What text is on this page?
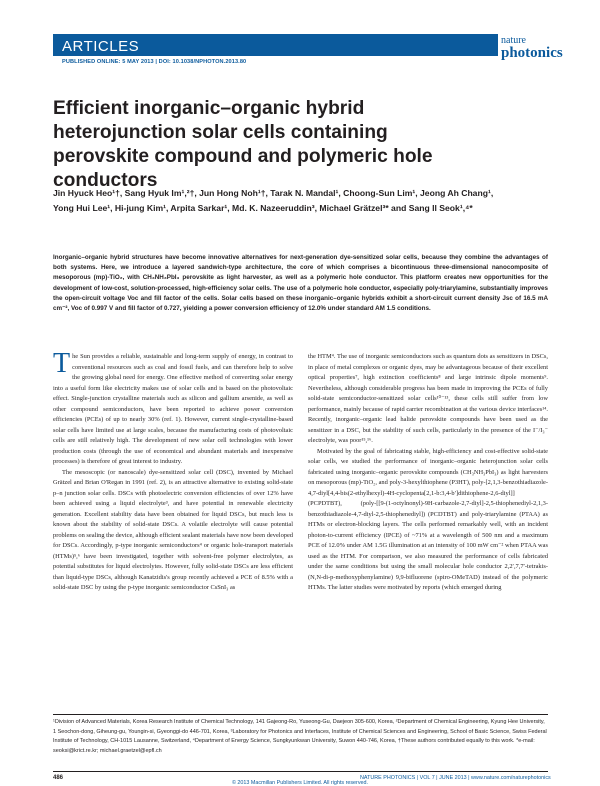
ARTICLES
PUBLISHED ONLINE: 5 MAY 2013 | DOI: 10.1038/NPHOTON.2013.80
nature
photonics
Efficient inorganic–organic hybrid heterojunction solar cells containing perovskite compound and polymeric hole conductors
Jin Hyuck Heo¹†, Sang Hyuk Im¹,²†, Jun Hong Noh¹†, Tarak N. Mandal¹, Choong-Sun Lim¹, Jeong Ah Chang¹, Yong Hui Lee¹, Hi-jung Kim¹, Arpita Sarkar¹, Md. K. Nazeeruddin³, Michael Grätzel³* and Sang Il Seok¹,⁴*
Inorganic–organic hybrid structures have become innovative alternatives for next-generation dye-sensitized solar cells, because they combine the advantages of both systems. Here, we introduce a layered sandwich-type architecture, the core of which comprises a bicontinuous three-dimensional nanocomposite of mesoporous (mp)-TiO₂, with CH₃NH₃PbI₃ perovskite as light harvester, as well as a polymeric hole conductor. This platform creates new opportunities for the development of low-cost, solution-processed, high-efficiency solar cells. The use of a polymeric hole conductor, especially poly-triarylamine, substantially improves the open-circuit voltage Voc and fill factor of the cells. Solar cells based on these inorganic–organic hybrids exhibit a short-circuit current density Jsc of 16.5 mA cm⁻², Voc of 0.997 V and fill factor of 0.727, yielding a power conversion efficiency of 12.0% under standard AM 1.5 conditions.

The Sun provides a reliable, sustainable and long-term supply of energy, in contrast to conventional resources such as coal and fossil fuels, and can therefore help to solve the growing global need for energy. One effective method of converting solar energy into a useful form like electricity makes use of solar cells and is based on the photovoltaic effect. Single-junction crystalline materials such as silicon and gallium arsenide, as well as other compound semiconductors, have been reported to achieve power conversion efficiencies (PCEs) of up to nearly 30% (ref. 1). However, current single-crystalline-based solar cells have limited use at large scales, because the manufacturing costs of photovoltaic cells are still relatively high. The development of new solar cell technologies with lower production costs (through the use of economical and abundant materials and inexpensive processes) is therefore of great interest to industry.

The mesoscopic (or nanoscale) dye-sensitized solar cell (DSC), invented by Michael Grätzel and Brian O'Regan in 1991 (ref. 2), is an attractive alternative to existing solid-state p–n junction solar cells. DSCs with photoelectric conversion efficiencies of over 12% have been achieved using a liquid electrolyte³, and have potential in renewable electricity generation. Excellent stability data have been obtained for liquid DSCs, but much less is known about the stability of solid-state DSCs. A volatile electrolyte will cause potential problems on sealing the device, although efficient sealant materials have now been developed for DSCs. Accordingly, p-type inorganic semiconductors⁴ or organic hole-transport materials (HTMs)⁵,⁶ have been investigated, together with solvent-free polymer electrolytes, as potential substitutes for liquid electrolytes. However, fully solid-state DSCs are less efficient than liquid-type DSCs, although Kanatzidis's group recently achieved a PCE of 8.5% with a solid-state DSC by using the p-type inorganic semiconductor CsSnI₃ as

the HTM⁴. The use of inorganic semiconductors such as quantum dots as sensitizers in DSCs, in place of metal complexes or organic dyes, may be advantageous because of their excellent optical properties⁷, high extinction coefficients⁸ and large intrinsic dipole moments⁹. Nevertheless, although considerable progress has been made in improving the PCEs of fully solid-state semiconductor-sensitized solar cells¹⁰⁻¹³, these cells still suffer from low performance, mainly because of rapid carrier recombination at the various device interfaces¹⁴. Recently, inorganic–organic lead halide perovskite compounds have been used as the sensitizer in a DSC, but the stability of such cells, particularly in the presence of the I⁻/I₃⁻ electrolyte, was poor¹⁵,¹⁶.

Motivated by the goal of fabricating stable, high-efficiency and cost-effective solid-state solar cells, we studied the performance of inorganic–organic heterojunction solar cells fabricated using inorganic–organic perovskite compounds (CH₃NH₃PbI₃) as light harvesters on mesoporous (mp)-TiO₂, and poly-3-hexylthiophene (P3HT), poly-[2,1,3-benzothiadiazole-4,7-diyl[4,4-bis(2-ethylhexyl)-4H-cyclopenta[2,1-b:3,4-b′]dithiophene-2,6-diyl]] (PCPDTBT), (poly-[[9-(1-octylnonyl)-9H-carbazole-2,7-diyl]-2,5-thiophenediyl-2,1,3-benzothiadiazole-4,7-diyl-2,5-thiophenediyl]) (PCDTBT) and poly-triarylamine (PTAA) as HTMs or electron-blocking layers. The cells performed remarkably well, with an incident photon-to-current efficiency (IPCE) of ~71% at a wavelength of 500 nm and a maximum PCE of 12.0% under AM 1.5G illumination at an intensity of 100 mW cm⁻² when PTAA was used as the HTM. For comparison, we also measured the performance of cells fabricated under the same conditions but using the small molecular hole conductor 2,2′,7,7′-tetrakis-(N,N-di-p-methoxyphenylamine) 9,9-bifluorene (spiro-OMeTAD) instead of the polymeric HTMs. The latter studies were motivated by reports (which emerged during

¹Division of Advanced Materials, Korea Research Institute of Chemical Technology, 141 Gajeong-Ro, Yuseong-Gu, Daejeon 305-600, Korea, ²Department of Chemical Engineering, Kyung Hee University, 1 Seochon-dong, Giheung-gu, Youngin-si, Gyeonggi-do 446-701, Korea, ³Laboratory for Photonics and Interfaces, Institute of Chemical Sciences and Engineering, School of Basic Science, Swiss Federal Institute of Technology, CH-1015 Lausanne, Switzerland, ⁴Department of Energy Science, Sungkyunkwan University, Suwon 440-746, Korea, †These authors contributed equally to this work. *e-mail: seoksi@krict.re.kr; michael.graetzel@epfl.ch
486	NATURE PHOTONICS | VOL 7 | JUNE 2013 | www.nature.com/naturephotonics
© 2013 Macmillan Publishers Limited. All rights reserved.
